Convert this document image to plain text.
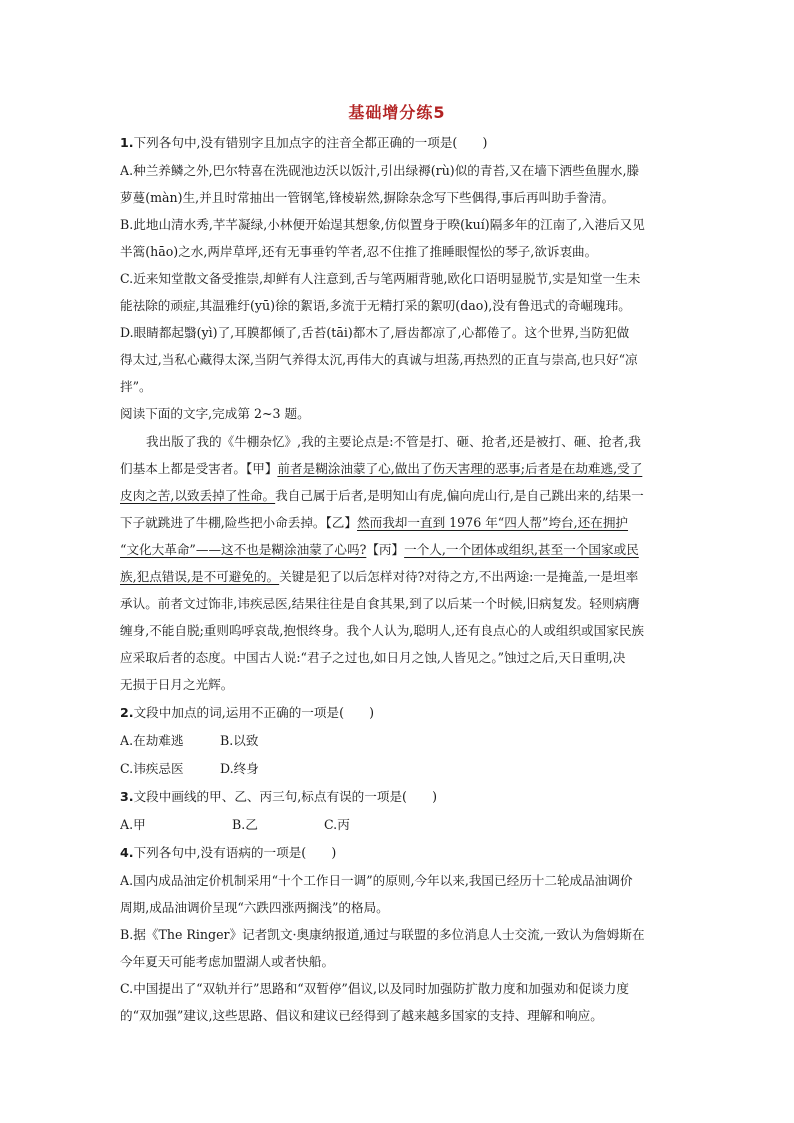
基础增分练5
1.下列各句中,没有错别字且加点字的注音全都正确的一项是(　　)
A.种兰养鳞之外,巴尔特喜在洗砚池边沃以饭汁,引出绿褥(rù)似的青苔,又在墙下洒些鱼腥水,滕
萝蔓(màn)生,并且时常抽出一管钢笔,锋棱崭然,摒除杂念写下些偶得,事后再叫助手誊清。
B.此地山清水秀,芊芊凝绿,小林便开始逞其想象,仿似置身于暌(kuí)隔多年的江南了,入港后又见
半篙(hāo)之水,两岸草坪,还有无事垂钓竿者,忍不住推了推睡眼惺忪的琴子,欲诉衷曲。
C.近来知堂散文备受推崇,却鲜有人注意到,舌与笔两厢背驰,欧化口语明显脱节,实是知堂一生未
能祛除的顽症,其温雅纡(yū)徐的絮语,多流于无精打采的絮叨(dao),没有鲁迅式的奇崛瑰玮。
D.眼睛都起翳(yì)了,耳膜都倾了,舌苔(tāi)都木了,唇齿都凉了,心都倦了。这个世界,当防犯做
得太过,当私心藏得太深,当阴气养得太沉,再伟大的真诚与坦荡,再热烈的正直与崇高,也只好“凉
拌”。
阅读下面的文字,完成第 2~3 题。
我出版了我的《牛棚杂忆》,我的主要论点是:不管是打、砸、抢者,还是被打、砸、抢者,我
们基本上都是受害者。【甲】前者是糊涂油蒙了心,做出了伤天害理的恶事;后者是在劫难逃,受了
皮肉之苦,以致丢掉了性命。我自己属于后者,是明知山有虎,偏向虎山行,是自己跳出来的,结果一
下子就跳进了牛棚,险些把小命丢掉。【乙】然而我却一直到 1976 年“四人帮”垮台,还在拥护
“文化大革命”——这不也是糊涂油蒙了心吗?【丙】一个人,一个团体或组织,甚至一个国家或民
族,犯点错误,是不可避免的。关键是犯了以后怎样对待?对待之方,不出两途:一是掩盖,一是坦率
承认。前者文过饰非,讳疾忌医,结果往往是自食其果,到了以后某一个时候,旧病复发。轻则病膺
缠身,不能自脱;重则呜呼哀哉,抱恨终身。我个人认为,聪明人,还有良点心的人或组织或国家民族
应采取后者的态度。中国古人说:“君子之过也,如日月之蚀,人皆见之。”蚀过之后,天日重明,决
无损于日月之光辉。
2.文段中加点的词,运用不正确的一项是(　　)
A.在劫难逃	B.以致
C.讳疾忌医	D.终身
3.文段中画线的甲、乙、丙三句,标点有误的一项是(　　)
A.甲	B.乙	C.丙
4.下列各句中,没有语病的一项是(　　)
A.国内成品油定价机制采用“十个工作日一调”的原则,今年以来,我国已经历十二轮成品油调价
周期,成品油调价呈现“六跌四涨两搁浅”的格局。
B.据《The Ringer》记者凯文·奥康纳报道,通过与联盟的多位消息人士交流,一致认为詹姆斯在
今年夏天可能考虑加盟湖人或者快船。
C.中国提出了“双轨并行”思路和“双暂停”倡议,以及同时加强防扩散力度和加强劝和促谈力度
的“双加强”建议,这些思路、倡议和建议已经得到了越来越多国家的支持、理解和响应。
